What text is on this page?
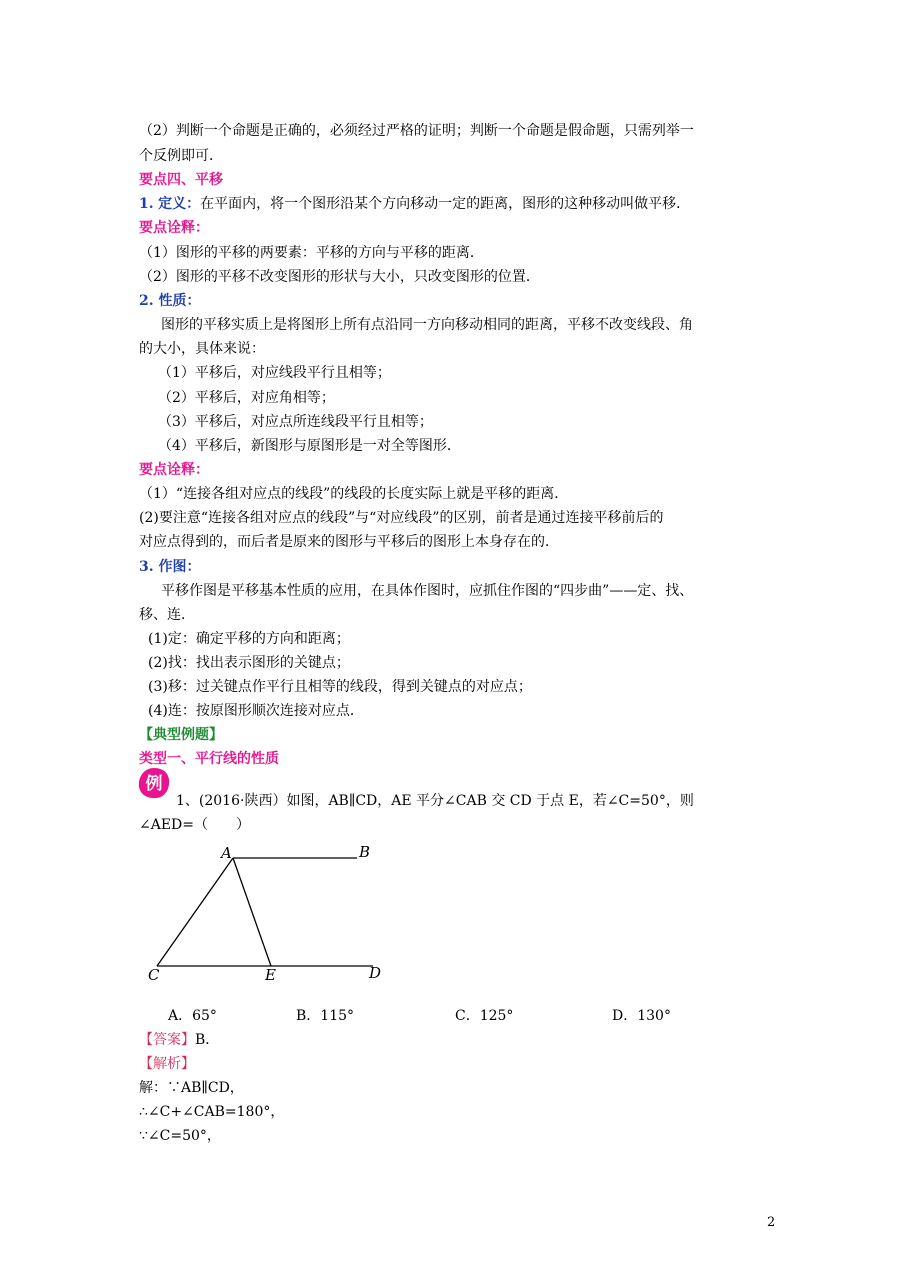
（2）判断一个命题是正确的，必须经过严格的证明；判断一个命题是假命题，只需列举一
个反例即可．
要点四、平移
1. 定义：在平面内，将一个图形沿某个方向移动一定的距离，图形的这种移动叫做平移．
要点诠释：
（1）图形的平移的两要素：平移的方向与平移的距离．
（2）图形的平移不改变图形的形状与大小，只改变图形的位置．
2. 性质：
图形的平移实质上是将图形上所有点沿同一方向移动相同的距离，平移不改变线段、角
的大小，具体来说：
（1）平移后，对应线段平行且相等；
（2）平移后，对应角相等；
（3）平移后，对应点所连线段平行且相等；
（4）平移后，新图形与原图形是一对全等图形．
要点诠释：
（1）“连接各组对应点的线段”的线段的长度实际上就是平移的距离．
(2)要注意“连接各组对应点的线段”与“对应线段”的区别，前者是通过连接平移前后的
对应点得到的，而后者是原来的图形与平移后的图形上本身存在的．
3. 作图：
平移作图是平移基本性质的应用，在具体作图时，应抓住作图的“四步曲”——定、找、
移、连．
(1)定：确定平移的方向和距离；
(2)找：找出表示图形的关键点；
(3)移：过关键点作平行且相等的线段，得到关键点的对应点；
(4)连：按原图形顺次连接对应点．
【典型例题】
类型一、平行线的性质
例
1、(2016·陕西）如图，AB∥CD，AE 平分∠CAB 交 CD 于点 E，若∠C=50°，则
∠AED=（　　）
A	B
C	E	D
A．65°	B．115°	C．125°	D．130°
【答案】B．
【解析】
解：∵AB∥CD，
∴∠C+∠CAB=180°，
∵∠C=50°，
2
